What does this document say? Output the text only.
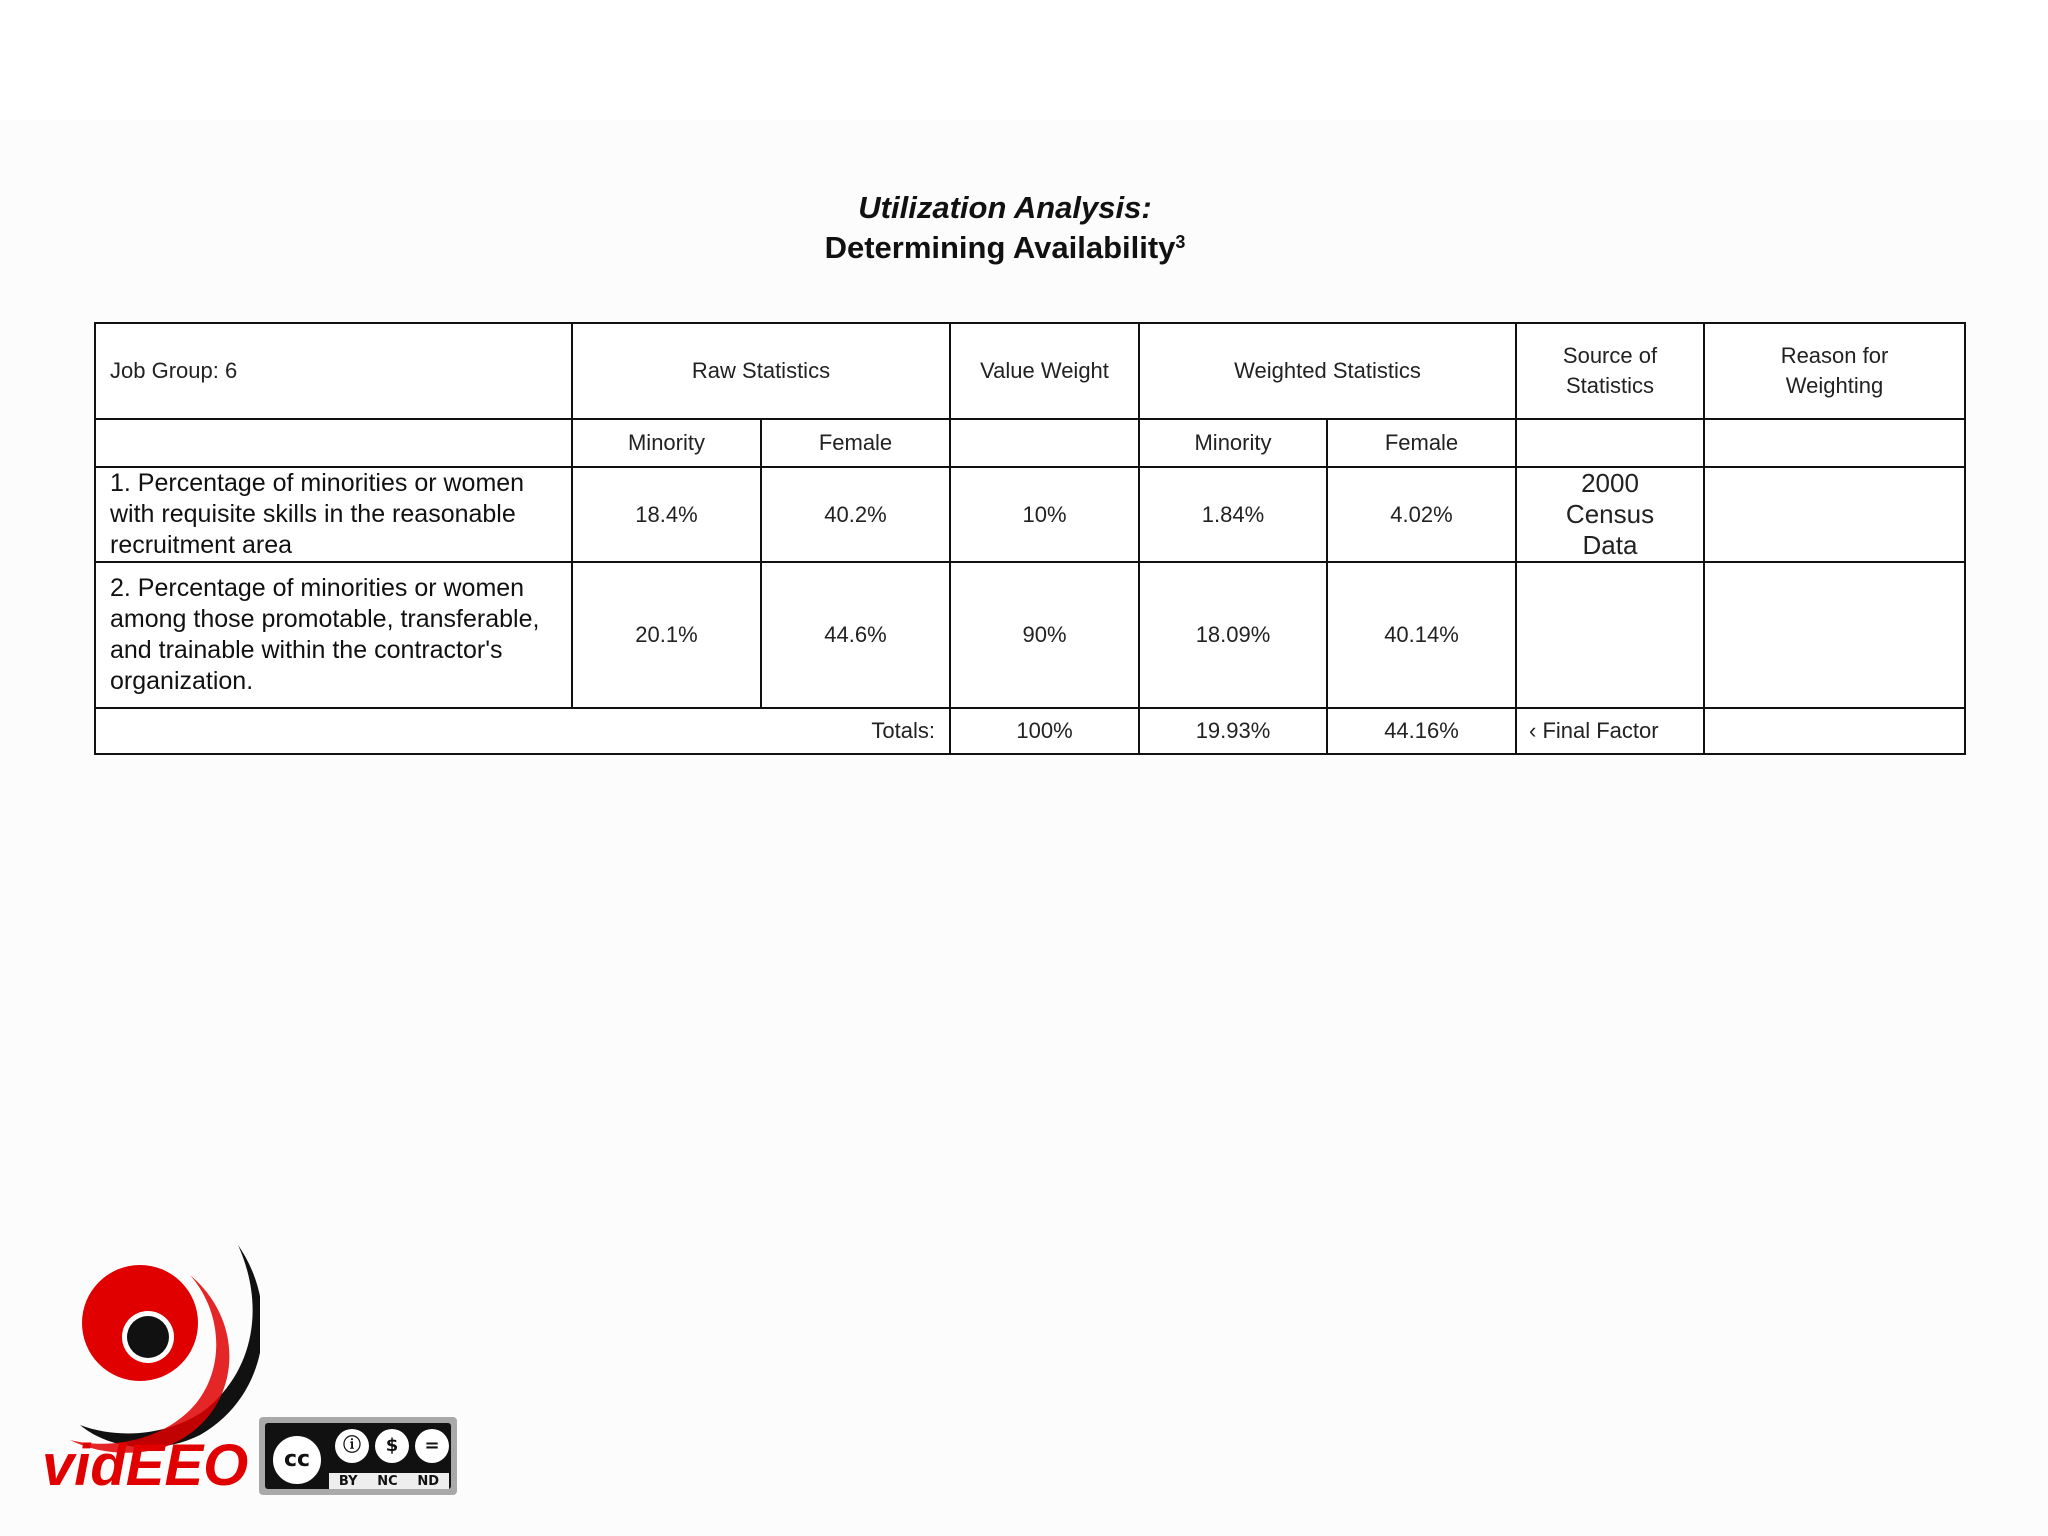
Utilization Analysis:
Determining Availability$^3$
Job Group: 6	Raw Statistics		Value Weight	Weighted Statistics		Source of Statistics	Reason for Weighting
	Minority	Female		Minority	Female		
1. Percentage of minorities or women with requisite skills in the reasonable recruitment area	18.4%	40.2%	10%	1.84%	4.02%	2000 Census Data	
2. Percentage of minorities or women among those promotable, transferable, and trainable within the contractor's organization.	20.1%	44.6%	90%	18.09%	40.14%		
Totals:			100%	19.93%	44.16%	‹ Final Factor	
vidEEO	cc
ⓘ	$	=
BY NC ND
